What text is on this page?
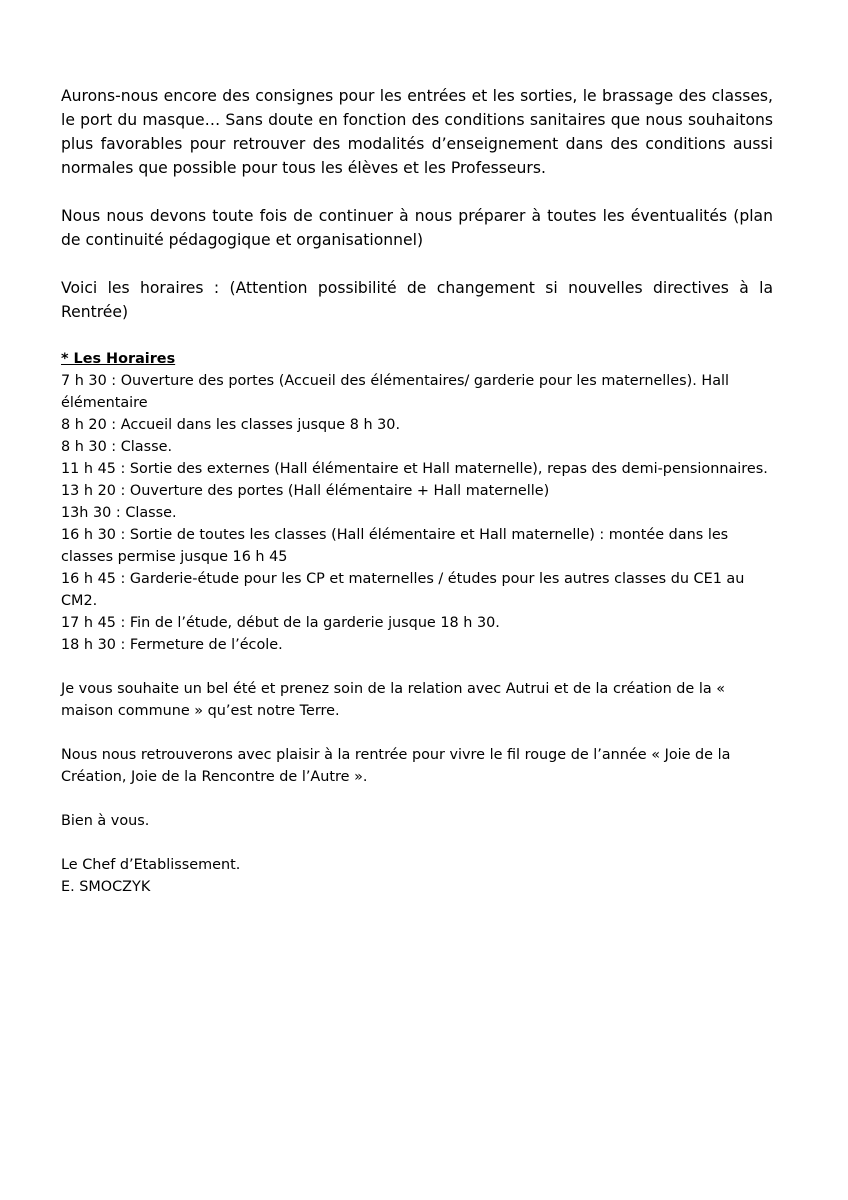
Aurons-nous encore des consignes pour les entrées et les sorties, le brassage des classes, le port du masque… Sans doute en fonction des conditions sanitaires que nous souhaitons plus favorables pour retrouver des modalités d’enseignement dans des conditions aussi normales que possible pour tous les élèves et les Professeurs.

Nous nous devons toute fois de continuer à nous préparer à toutes les éventualités (plan de continuité pédagogique et organisationnel)

Voici les horaires : (Attention possibilité de changement si nouvelles directives à la Rentrée)

* Les Horaires

7 h 30 : Ouverture des portes (Accueil des élémentaires/ garderie pour les maternelles). Hall élémentaire

8 h 20 : Accueil dans les classes jusque 8 h 30.

8 h 30 : Classe.

11 h 45 : Sortie des externes (Hall élémentaire et Hall maternelle), repas des demi-pensionnaires.

13 h 20 : Ouverture des portes (Hall élémentaire + Hall maternelle)

13h 30 : Classe.

16 h 30 : Sortie de toutes les classes (Hall élémentaire et Hall maternelle) : montée dans les classes permise jusque 16 h 45

16 h 45 : Garderie-étude pour les CP et maternelles / études pour les autres classes du CE1 au CM2.

17 h 45 : Fin de l’étude, début de la garderie jusque 18 h 30.

18 h 30 : Fermeture de l’école.

Je vous souhaite un bel été et prenez soin de la relation avec Autrui et de la création de la « maison commune » qu’est notre Terre.

Nous nous retrouverons avec plaisir à la rentrée pour vivre le fil rouge de l’année « Joie de la Création, Joie de la Rencontre de l’Autre ».

Bien à vous.

Le Chef d’Etablissement.

E. SMOCZYK
